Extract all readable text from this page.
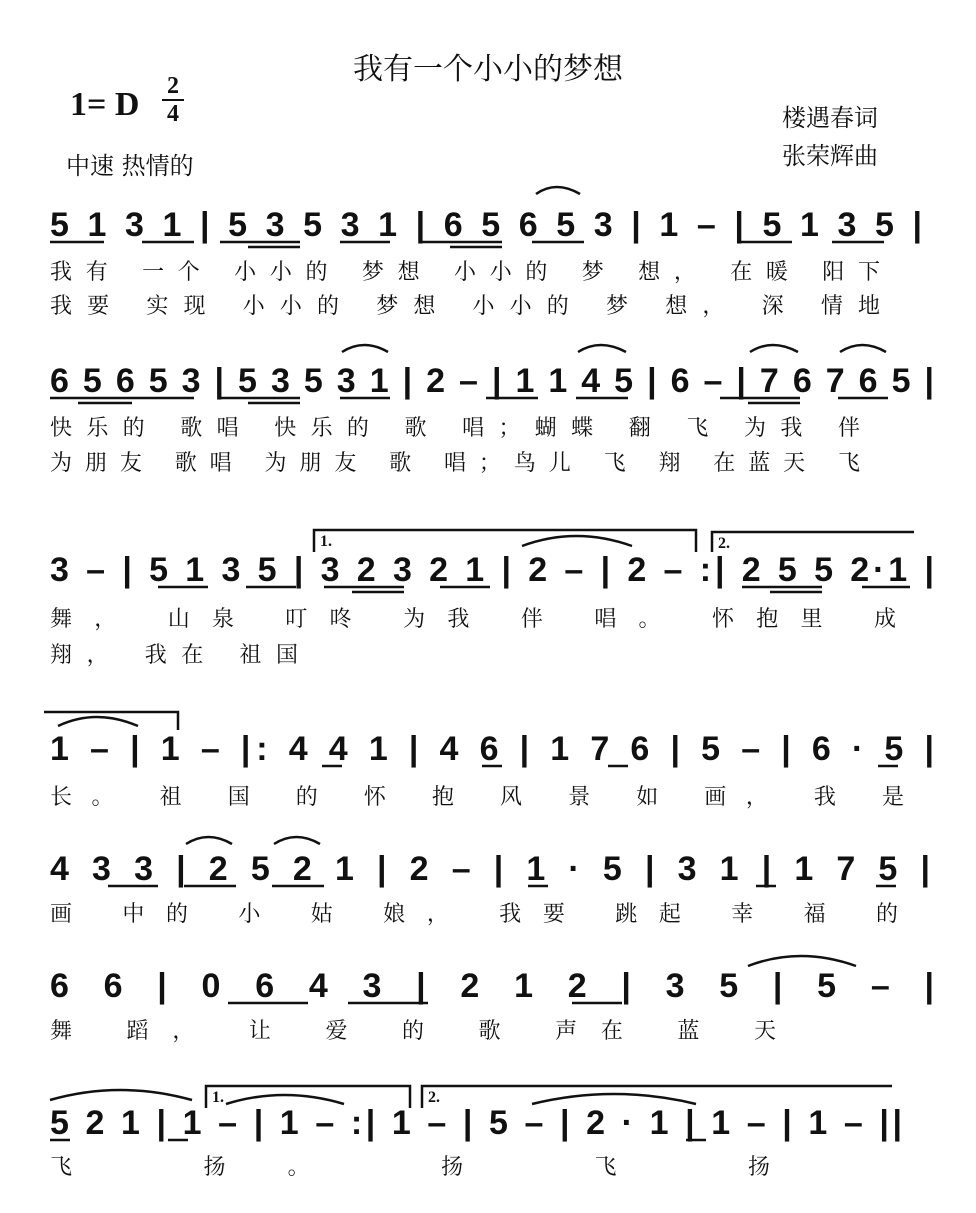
我有一个小小的梦想
1= D 2
4
中速 热情的
楼遇春词
张荣辉曲
5 1 3 1 | 5 3 5 3 1 | 6 5 6 5 3 | 1 – | 5 1 3 5 |
我有 一个 小小的 梦想 小小的 梦 想， 在暖 阳下
我要 实现 小小的 梦想 小小的 梦 想， 深 情地
6 5 6 5 3 | 5 3 5 3 1 | 2 – | 1 1 4 5 | 6 – | 7 6 7 6 5 |
快乐的 歌唱 快乐的 歌 唱；蝴蝶 翻 飞 为我 伴
为朋友 歌唱 为朋友 歌 唱；鸟儿 飞 翔 在蓝天 飞
3 – | 5 1 3 5 | 3 2 3 2 1 | 2 – | 2 – :| 2 5 5 2·1 |
舞， 山泉 叮咚 为我 伴 唱。 怀抱里 成
翔， 我在 祖国
1.	2.
1 – | 1 – |: 4 4 1 | 4 6 | 1 7 6 | 5 – | 6 · 5 |
长。 祖 国 的 怀 抱 风 景 如 画， 我 是
4 3 3 | 2 5 2 1 | 2 – | 1 · 5 | 3 1 | 1 7 5 |
画 中的 小 姑 娘， 我要 跳起 幸 福 的
6 6 | 0 6 4 3 | 2 1 2 | 3 5 | 5 – |
舞 蹈， 让 爱 的 歌 声在 蓝 天
5 2 1 | 1 – | 1 – :| 1 – | 5 – | 2 · 1 | 1 – | 1 – ||
飞 扬。 扬 飞 扬
1.	2.
